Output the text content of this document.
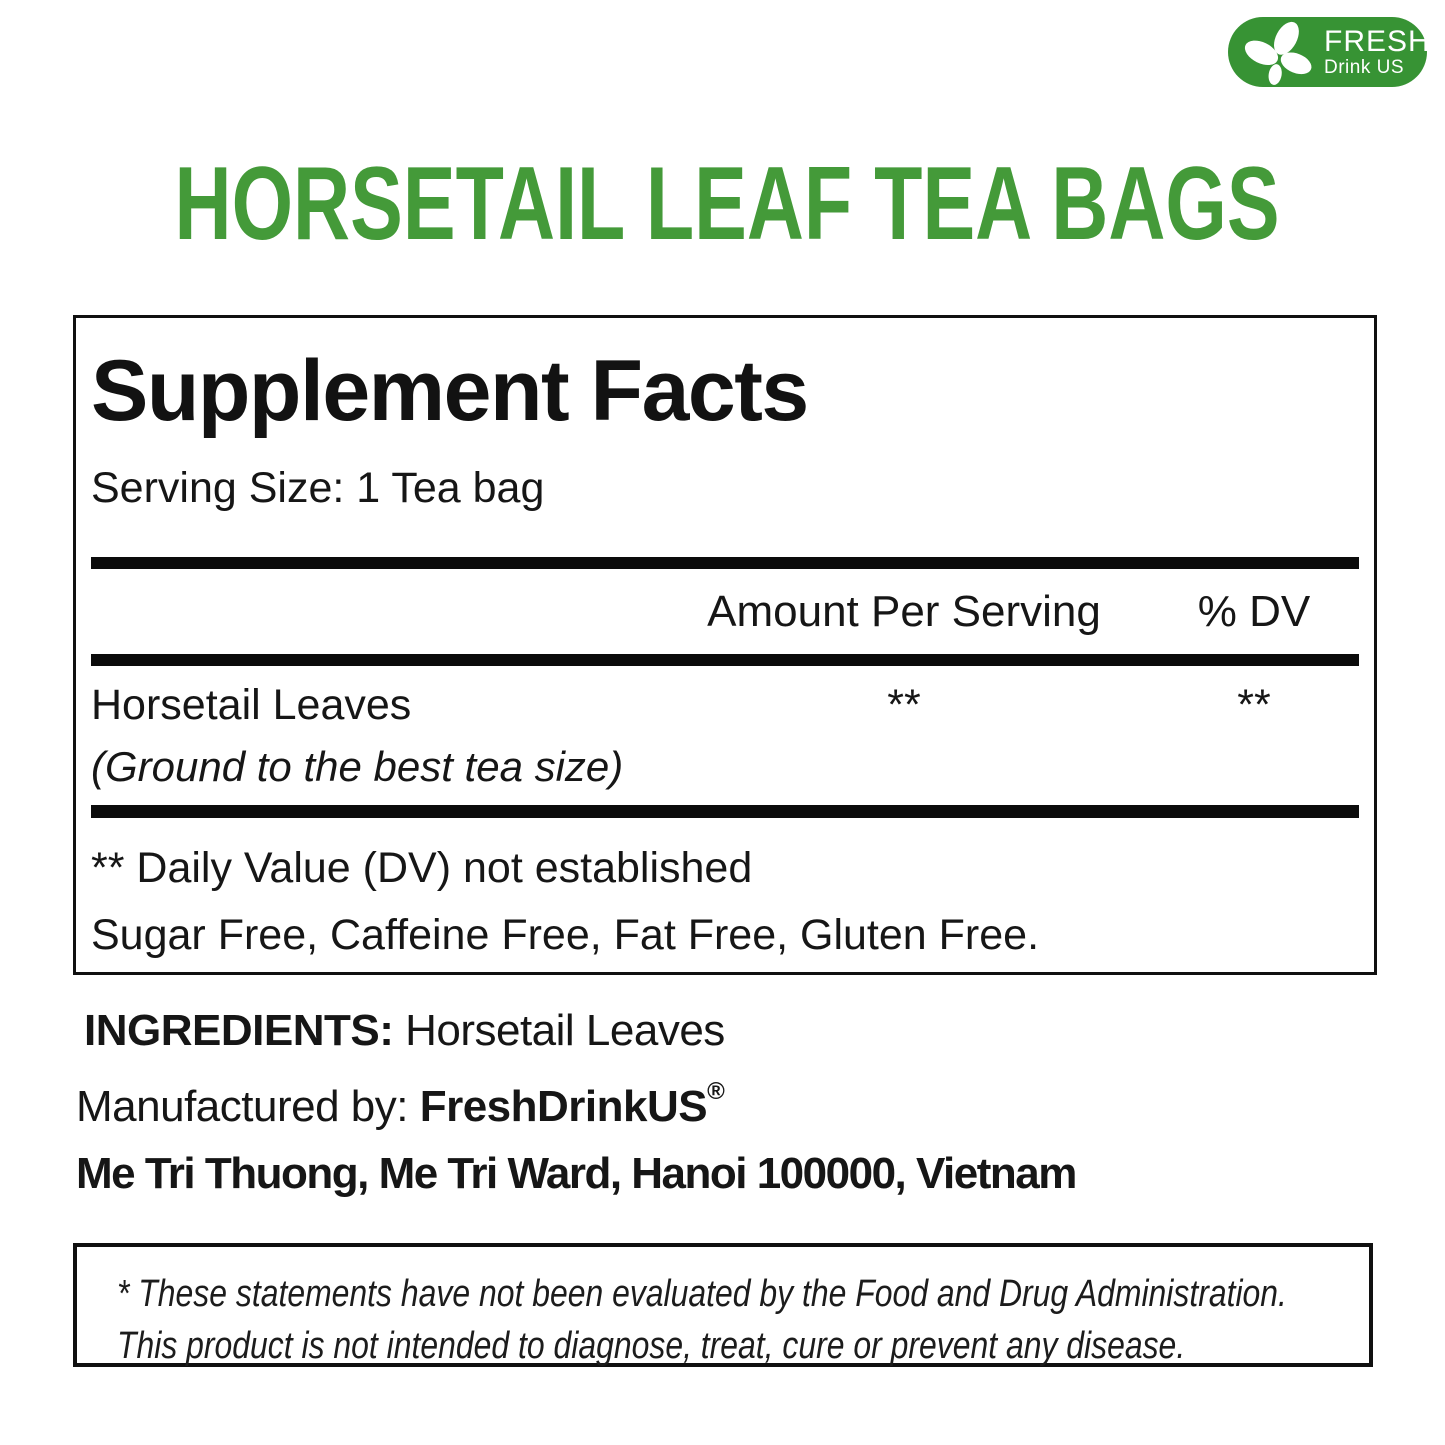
FRESH
Drink US
HORSETAIL LEAF TEA BAGS
Supplement Facts
Serving Size: 1 Tea bag
Amount Per Serving	% DV
Horsetail Leaves	**	**
(Ground to the best tea size)
** Daily Value (DV) not established
Sugar Free, Caffeine Free, Fat Free, Gluten Free.
INGREDIENTS: Horsetail Leaves
Manufactured by: FreshDrinkUS®
Me Tri Thuong, Me Tri Ward, Hanoi 100000, Vietnam
* These statements have not been evaluated by the Food and Drug Administration.
This product is not intended to diagnose, treat, cure or prevent any disease.
